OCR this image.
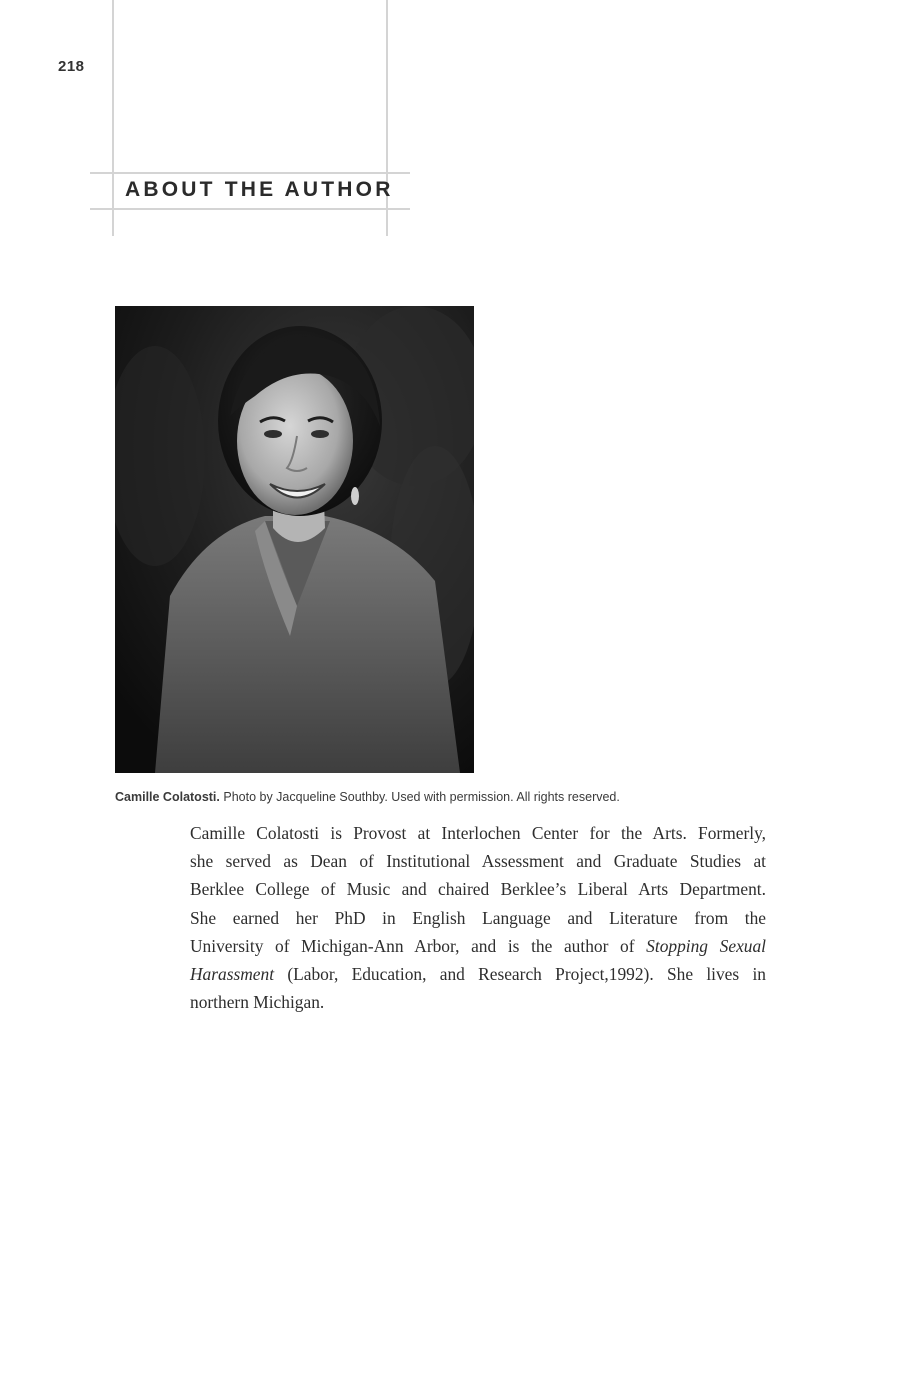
218
ABOUT THE AUTHOR
Camille Colatosti. Photo by Jacqueline Southby. Used with permission. All rights reserved.
Camille Colatosti is Provost at Interlochen Center for the Arts. Formerly,
she served as Dean of Institutional Assessment and Graduate Studies at
Berklee College of Music and chaired Berklee’s Liberal Arts Department.
She earned her PhD in English Language and Literature from the
University of Michigan-Ann Arbor, and is the author of Stopping Sexual
Harassment (Labor, Education, and Research Project,1992). She lives in
northern Michigan.
